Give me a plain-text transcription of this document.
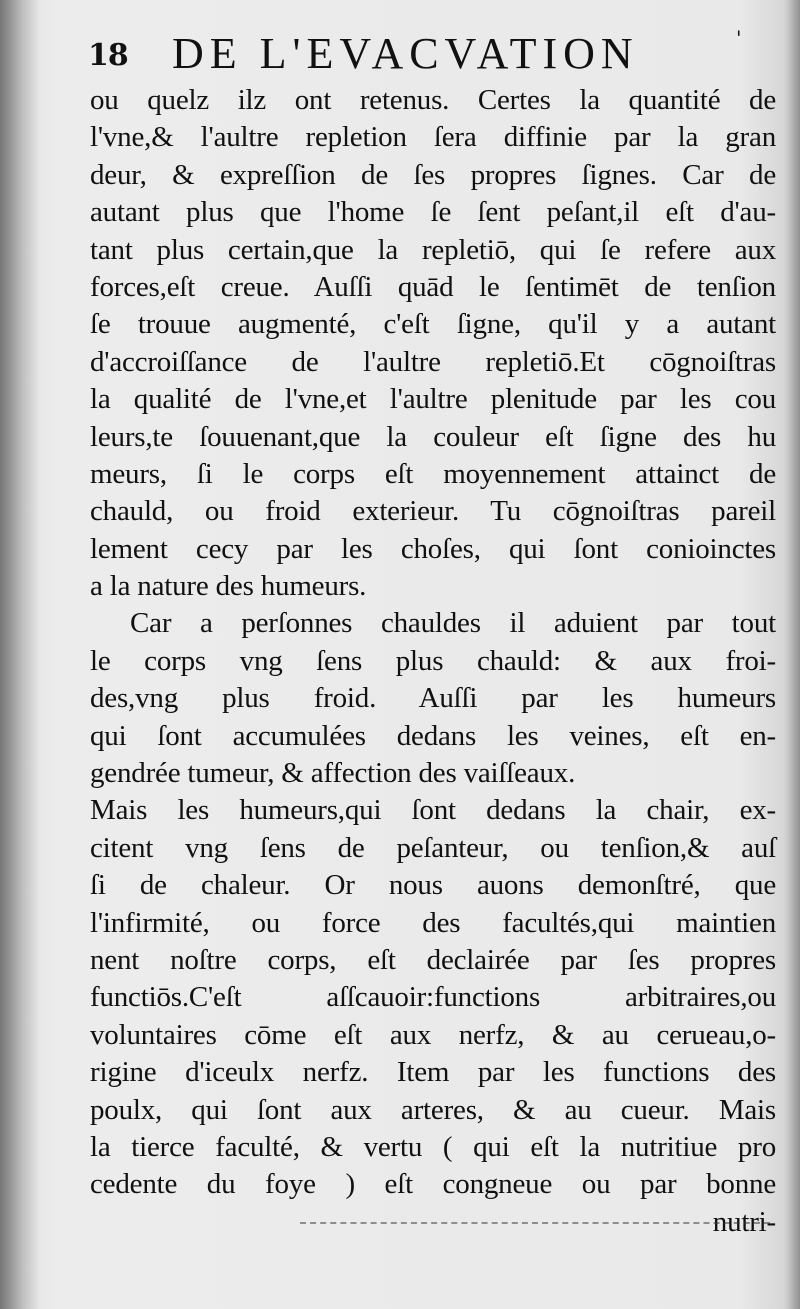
18 DE L'EVACVATION	'
ou quelz ilz ont retenus. Certes la quantité de
l'vne,& l'aultre repletion ſera diffinie par la gran
deur, & expreſſion de ſes propres ſignes. Car de
autant plus que l'home ſe ſent peſant,il eſt d'au-
tant plus certain,que la repletiō, qui ſe refere aux
forces,eſt creue. Auſſi quād le ſentimēt de tenſion
ſe trouue augmenté, c'eſt ſigne, qu'il y a autant
d'accroiſſance de l'aultre repletiō.Et cōgnoiſtras
la qualité de l'vne,et l'aultre plenitude par les cou
leurs,te ſouuenant,que la couleur eſt ſigne des hu
meurs, ſi le corps eſt moyennement attainct de
chauld, ou froid exterieur. Tu cōgnoiſtras pareil
lement cecy par les choſes, qui ſont conioinctes
a la nature des humeurs.
Car a perſonnes chauldes il aduient par tout
le corps vng ſens plus chauld: & aux froi-
des,vng plus froid. Auſſi par les humeurs
qui ſont accumulées dedans les veines, eſt en-
gendrée tumeur, & affection des vaiſſeaux.
Mais les humeurs,qui ſont dedans la chair, ex-
citent vng ſens de peſanteur, ou tenſion,& auſ
ſi de chaleur. Or nous auons demonſtré, que
l'infirmité, ou force des facultés,qui maintien
nent noſtre corps, eſt declairée par ſes propres
functiōs.C'eſt aſſcauoir:functions arbitraires,ou
voluntaires cōme eſt aux nerfz, & au cerueau,o-
rigine d'iceulx nerfz. Item par les functions des
poulx, qui ſont aux arteres, & au cueur. Mais
la tierce faculté, & vertu ( qui eſt la nutritiue pro
cedente du foye ) eſt congneue ou par bonne
nutri-
